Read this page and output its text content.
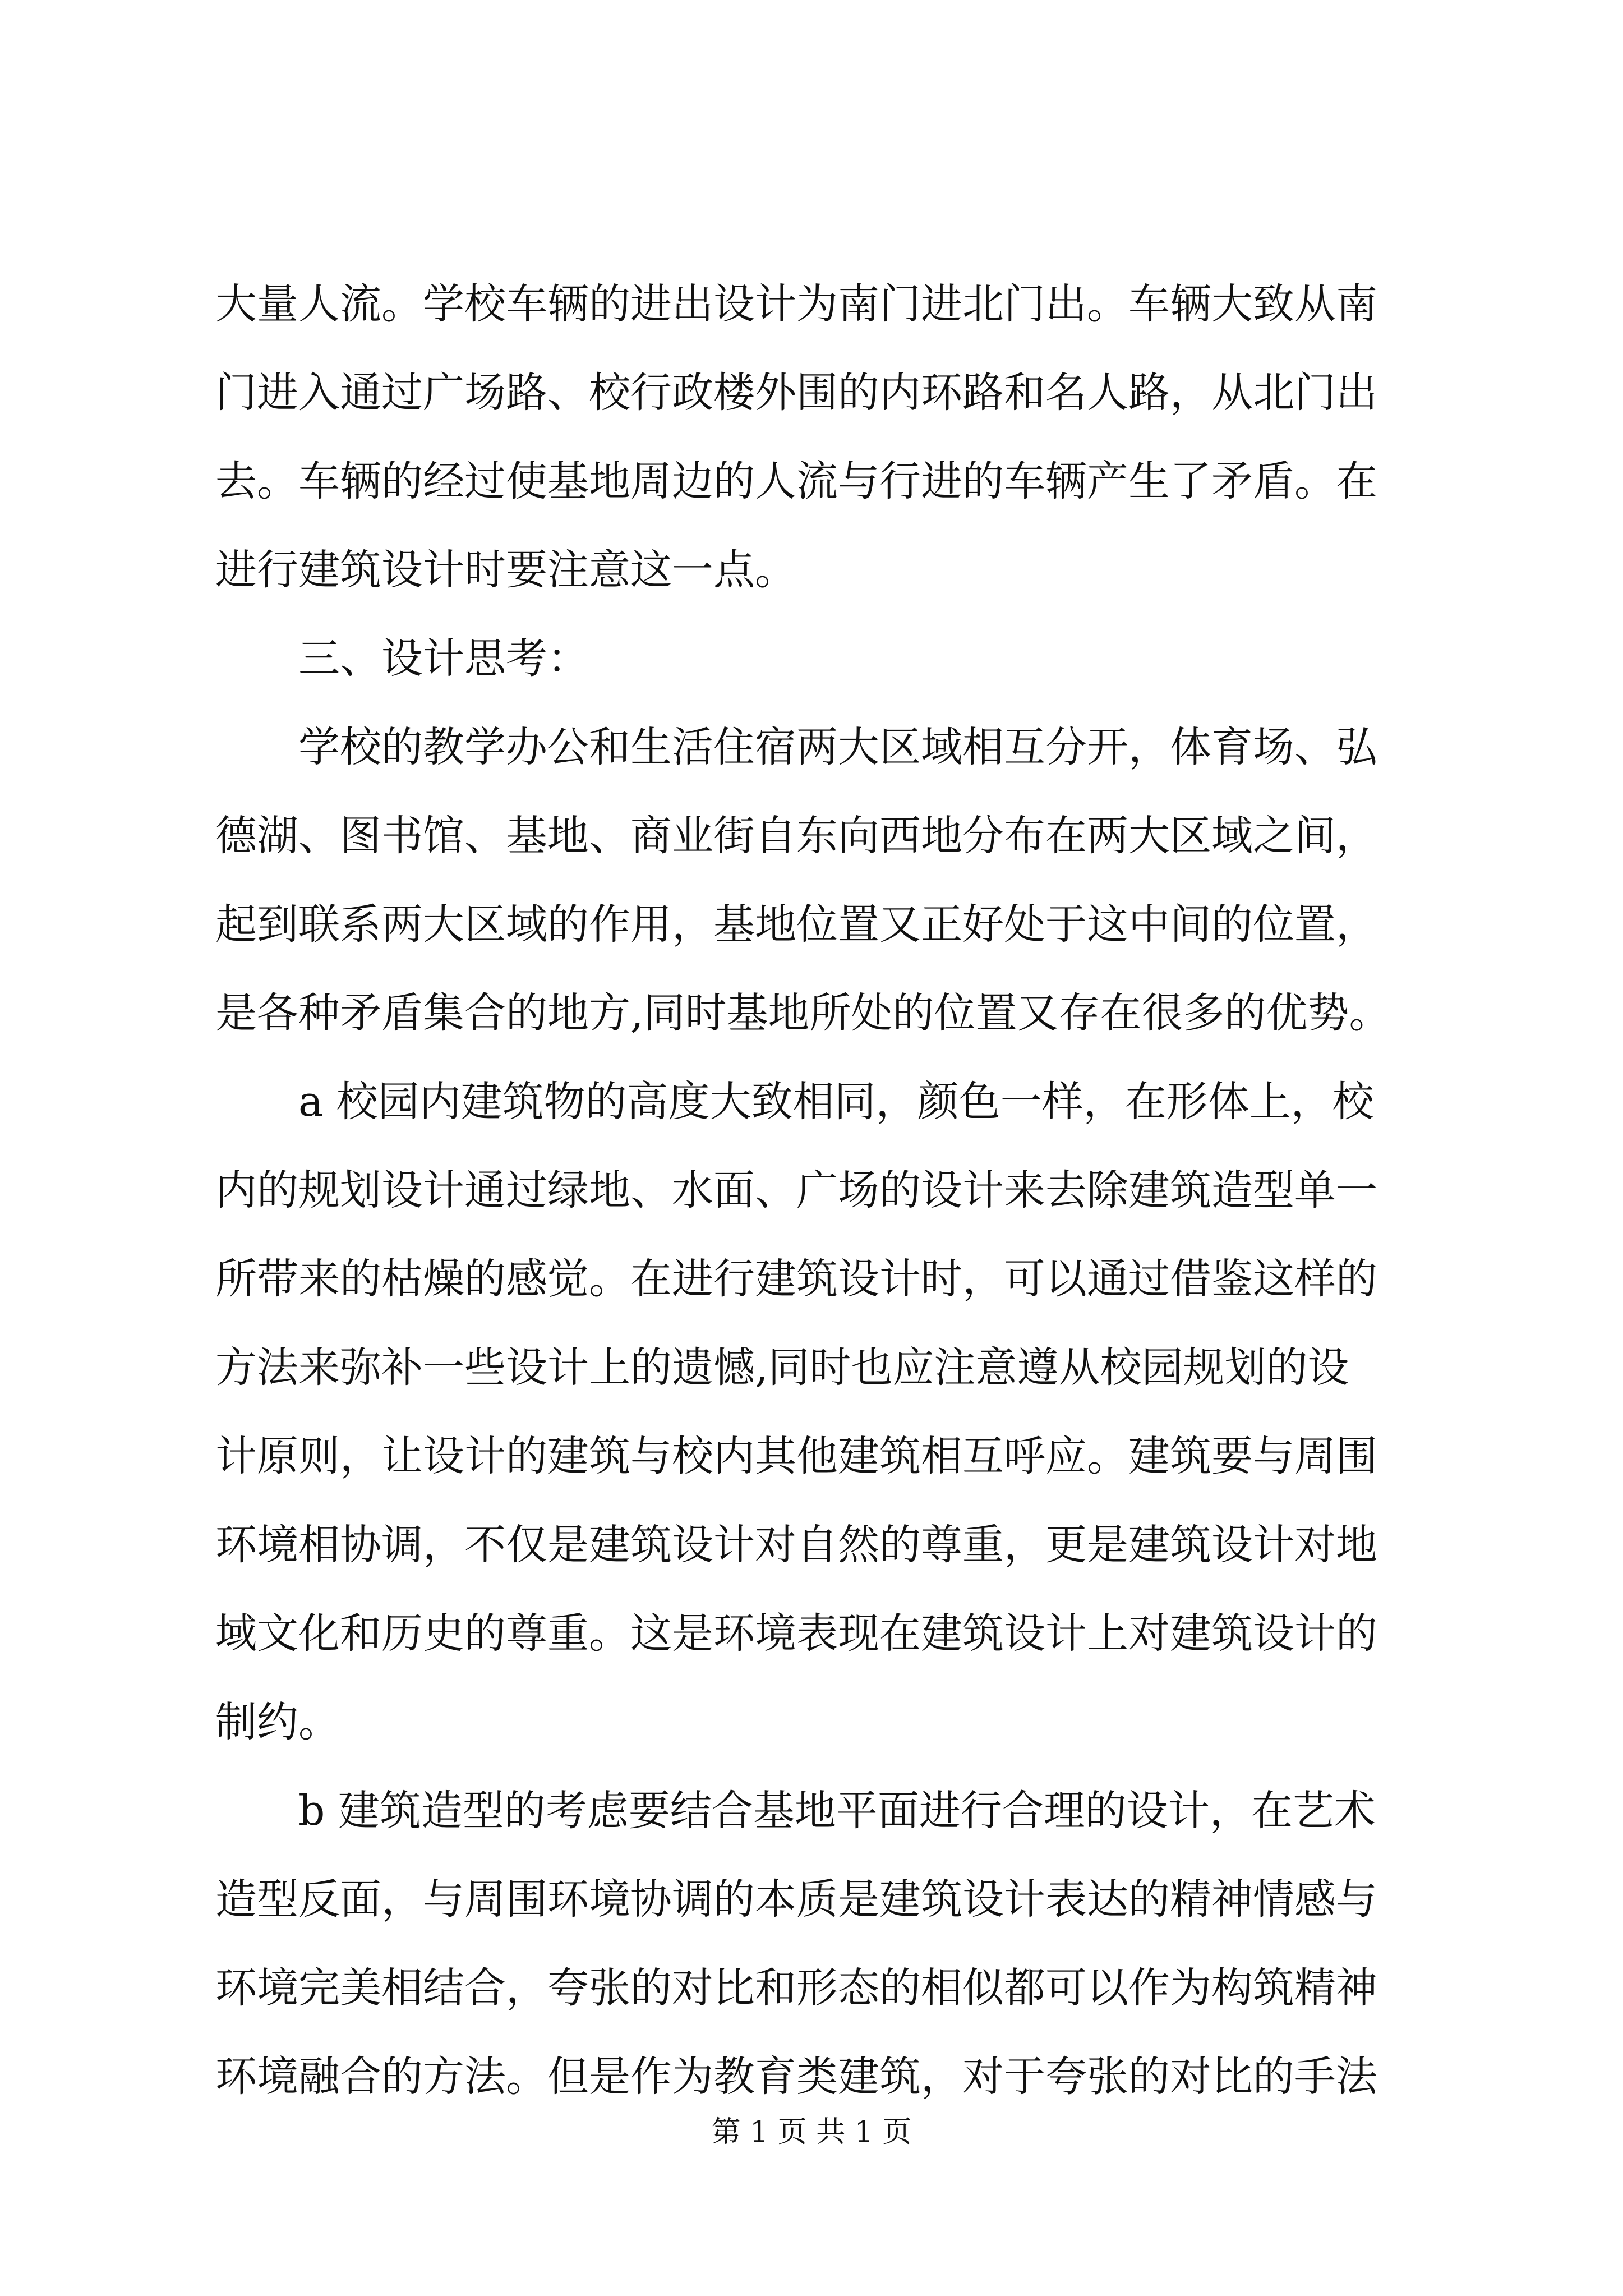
大量人流。学校车辆的进出设计为南门进北门出。车辆大致从南
门进入通过广场路、校行政楼外围的内环路和名人路，从北门出
去。车辆的经过使基地周边的人流与行进的车辆产生了矛盾。在
进行建筑设计时要注意这一点。
三、设计思考：
学校的教学办公和生活住宿两大区域相互分开，体育场、弘
德湖、图书馆、基地、商业街自东向西地分布在两大区域之间，
起到联系两大区域的作用，基地位置又正好处于这中间的位置，
是各种矛盾集合的地方,同时基地所处的位置又存在很多的优势。
a 校园内建筑物的高度大致相同，颜色一样，在形体上，校
内的规划设计通过绿地、水面、广场的设计来去除建筑造型单一
所带来的枯燥的感觉。在进行建筑设计时，可以通过借鉴这样的
方法来弥补一些设计上的遗憾,同时也应注意遵从校园规划的设
计原则，让设计的建筑与校内其他建筑相互呼应。建筑要与周围
环境相协调，不仅是建筑设计对自然的尊重，更是建筑设计对地
域文化和历史的尊重。这是环境表现在建筑设计上对建筑设计的
制约。
b 建筑造型的考虑要结合基地平面进行合理的设计，在艺术
造型反面，与周围环境协调的本质是建筑设计表达的精神情感与
环境完美相结合，夸张的对比和形态的相似都可以作为构筑精神
环境融合的方法。但是作为教育类建筑，对于夸张的对比的手法
第 1 页 共 1 页
